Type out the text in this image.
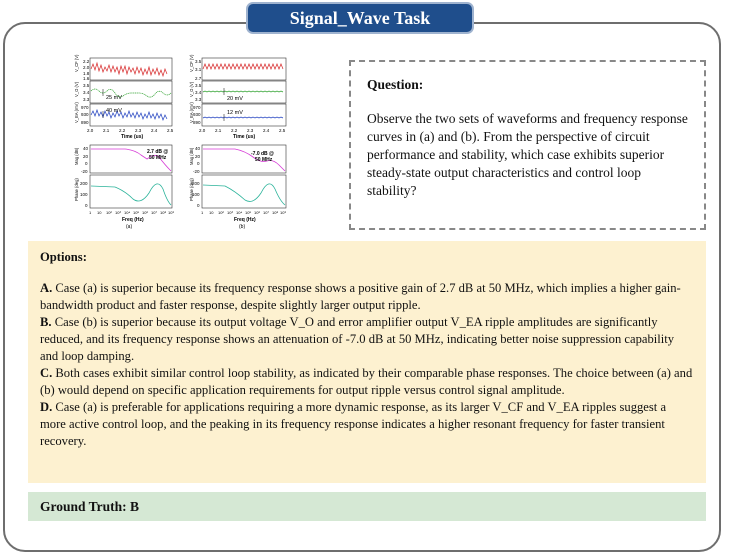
Signal_Wave Task
25 mV
40 mV
V_CF (V)
V_O (V)
V_EA (mV)
2.2
2.0
1.8
1.6
3.5
3.4
3.3
970
930
890
2.0 2.1 2.2 2.3 2.4 2.5
Time (us)
2.7 dB @
50 MHz
Mag (dB)
Phase (deg)
40
20
0
-20
200
100
0
1 10 10² 10³ 10⁴ 10⁵ 10⁶ 10⁷ 10⁸ 10⁹
Freq (Hz)
(a)
20 mV
12 mV
V_CF (V)
V_O (V)
V_EA (mV)
3.5
3.1
2.7
3.5
3.4
3.3
970
930
890
2.0 2.1 2.2 2.3 2.4 2.5
Time (us)
-7.0 dB @
50 MHz
Mag (dB)
Phase (deg)
40
20
0
-20
200
100
0
1 10 10² 10³ 10⁴ 10⁵ 10⁶ 10⁷ 10⁸ 10⁹
Freq (Hz)
(b)
Question:
Observe the two sets of waveforms and frequency response curves in (a) and (b). From the perspective of circuit performance and stability, which case exhibits superior steady-state output characteristics and control loop stability?
Options:
A. Case (a) is superior because its frequency response shows a positive gain of 2.7 dB at 50 MHz, which implies a higher gain-bandwidth product and faster response, despite slightly larger output ripple.
B. Case (b) is superior because its output voltage V_O and error amplifier output V_EA ripple amplitudes are significantly reduced, and its frequency response shows an attenuation of -7.0 dB at 50 MHz, indicating better noise suppression capability and loop damping.
C. Both cases exhibit similar control loop stability, as indicated by their comparable phase responses. The choice between (a) and (b) would depend on specific application requirements for output ripple versus control signal amplitude.
D. Case (a) is preferable for applications requiring a more dynamic response, as its larger V_CF and V_EA ripples suggest a more active control loop, and the peaking in its frequency response indicates a higher resonant frequency for faster transient recovery.
Ground Truth: B
